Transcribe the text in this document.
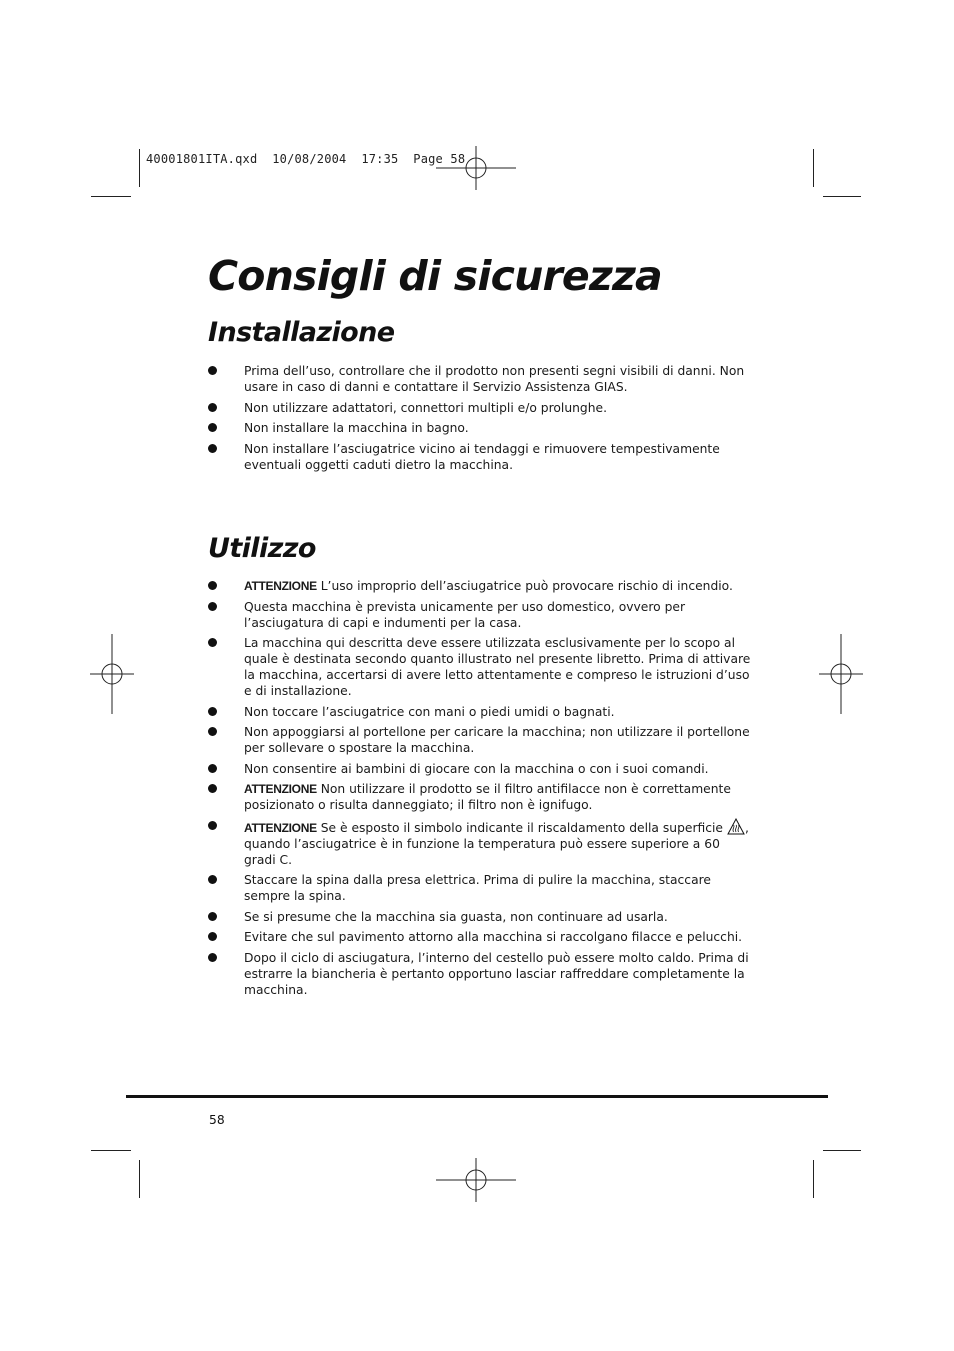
40001801ITA.qxd  10/08/2004  17:35  Page 58
Consigli di sicurezza
Installazione
Prima dell’uso, controllare che il prodotto non presenti segni visibili di danni. Non usare in caso di danni e contattare il Servizio Assistenza GIAS.
Non utilizzare adattatori, connettori multipli e/o prolunghe.
Non installare la macchina in bagno.
Non installare l’asciugatrice vicino ai tendaggi e rimuovere tempestivamente eventuali oggetti caduti dietro la macchina.
Utilizzo
ATTENZIONE L’uso improprio dell’asciugatrice può provocare rischio di incendio.
Questa macchina è prevista unicamente per uso domestico, ovvero per l’asciugatura di capi e indumenti per la casa.
La macchina qui descritta deve essere utilizzata esclusivamente per lo scopo al quale è destinata secondo quanto illustrato nel presente libretto. Prima di attivare la macchina, accertarsi di avere letto attentamente e compreso le istruzioni d’uso e di installazione.
Non toccare l’asciugatrice con mani o piedi umidi o bagnati.
Non appoggiarsi al portellone per caricare la macchina; non utilizzare il portellone per sollevare o spostare la macchina.
Non consentire ai bambini di giocare con la macchina o con i suoi comandi.
ATTENZIONE Non utilizzare il prodotto se il filtro antifilacce non è correttamente posizionato o risulta danneggiato; il filtro non è ignifugo.
ATTENZIONE Se è esposto il simbolo indicante il riscaldamento della superficie , quando l’asciugatrice è in funzione la temperatura può essere superiore a 60 gradi C.
Staccare la spina dalla presa elettrica. Prima di pulire la macchina, staccare sempre la spina.
Se si presume che la macchina sia guasta, non continuare ad usarla.
Evitare che sul pavimento attorno alla macchina si raccolgano filacce e pelucchi.
Dopo il ciclo di asciugatura, l’interno del cestello può essere molto caldo. Prima di estrarre la biancheria è pertanto opportuno lasciar raffreddare completamente la macchina.
58
